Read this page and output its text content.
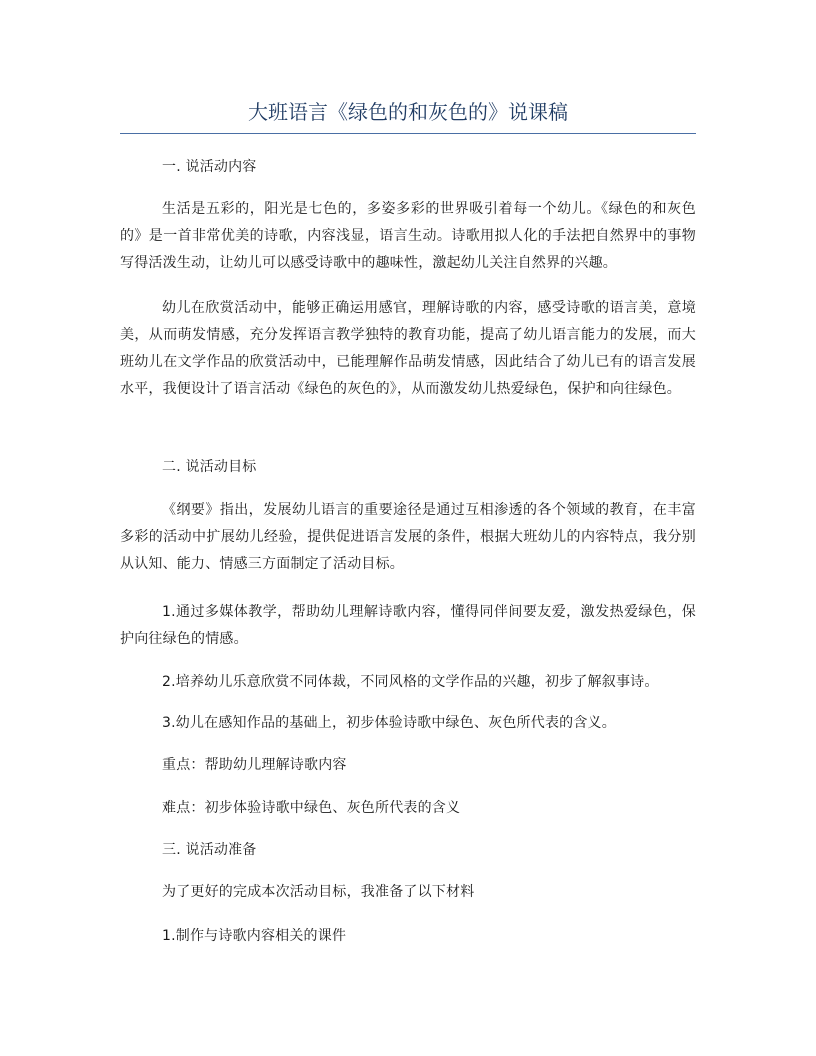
大班语言《绿色的和灰色的》说课稿

一. 说活动内容

生活是五彩的，阳光是七色的，多姿多彩的世界吸引着每一个幼儿。《绿色的和灰色的》是一首非常优美的诗歌，内容浅显，语言生动。诗歌用拟人化的手法把自然界中的事物写得活泼生动，让幼儿可以感受诗歌中的趣味性，激起幼儿关注自然界的兴趣。

幼儿在欣赏活动中，能够正确运用感官，理解诗歌的内容，感受诗歌的语言美，意境美，从而萌发情感，充分发挥语言教学独特的教育功能，提高了幼儿语言能力的发展，而大班幼儿在文学作品的欣赏活动中，已能理解作品萌发情感，因此结合了幼儿已有的语言发展水平，我便设计了语言活动《绿色的灰色的》，从而激发幼儿热爱绿色，保护和向往绿色。

二. 说活动目标

《纲要》指出，发展幼儿语言的重要途径是通过互相渗透的各个领域的教育，在丰富多彩的活动中扩展幼儿经验，提供促进语言发展的条件，根据大班幼儿的内容特点，我分别从认知、能力、情感三方面制定了活动目标。

1.通过多媒体教学，帮助幼儿理解诗歌内容，懂得同伴间要友爱，激发热爱绿色，保护向往绿色的情感。

2.培养幼儿乐意欣赏不同体裁，不同风格的文学作品的兴趣，初步了解叙事诗。

3.幼儿在感知作品的基础上，初步体验诗歌中绿色、灰色所代表的含义。

重点：帮助幼儿理解诗歌内容

难点：初步体验诗歌中绿色、灰色所代表的含义

三. 说活动准备

为了更好的完成本次活动目标，我准备了以下材料

1.制作与诗歌内容相关的课件
